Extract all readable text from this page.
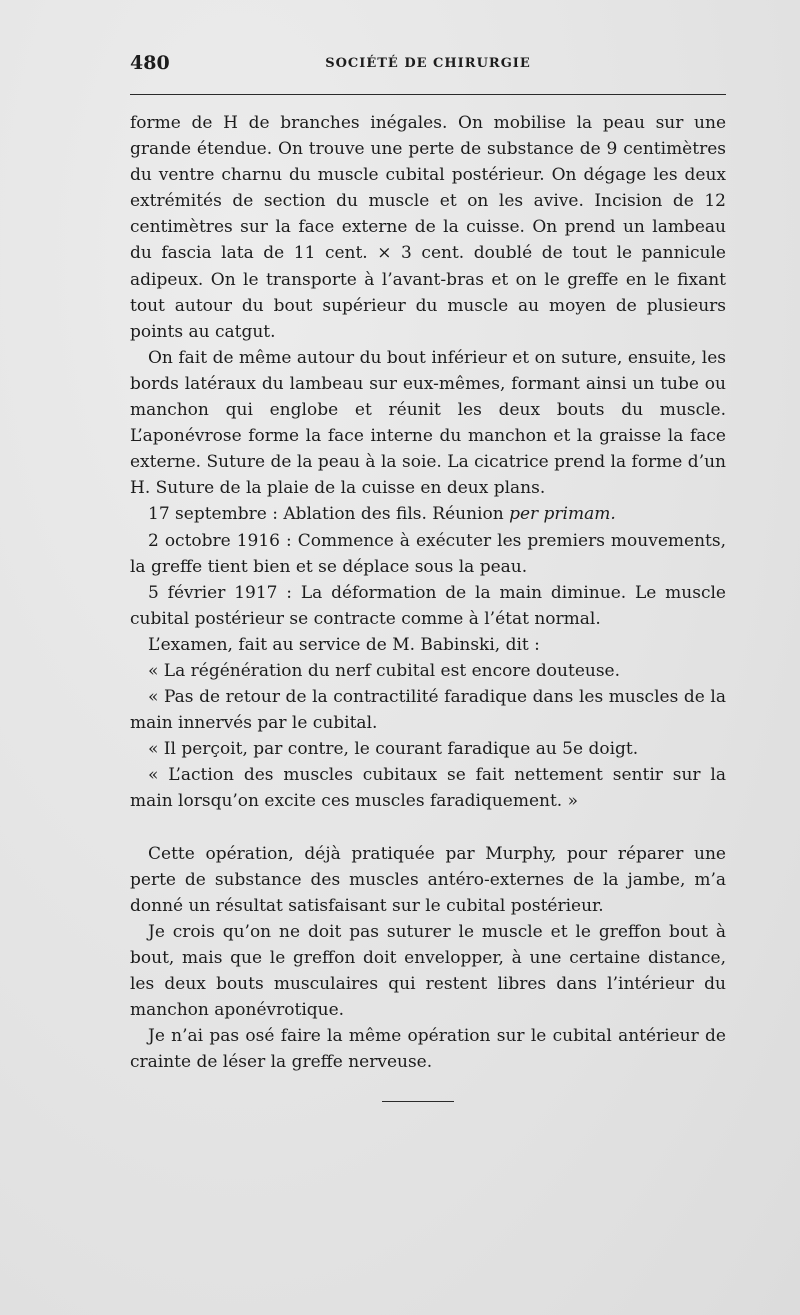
480	SOCIÉTÉ DE CHIRURGIE

forme de H de branches inégales. On mobilise la peau sur une grande étendue. On trouve une perte de substance de 9 centimètres du ventre charnu du muscle cubital postérieur. On dégage les deux extrémités de section du muscle et on les avive. Incision de 12 centimètres sur la face externe de la cuisse. On prend un lambeau du fascia lata de 11 cent. × 3 cent. doublé de tout le pannicule adipeux. On le transporte à l’avant-bras et on le greffe en le fixant tout autour du bout supérieur du muscle au moyen de plusieurs points au catgut.

On fait de même autour du bout inférieur et on suture, ensuite, les bords latéraux du lambeau sur eux-mêmes, formant ainsi un tube ou manchon qui englobe et réunit les deux bouts du muscle. L’aponévrose forme la face interne du manchon et la graisse la face externe. Suture de la peau à la soie. La cicatrice prend la forme d’un H. Suture de la plaie de la cuisse en deux plans.

17 septembre : Ablation des fils. Réunion per primam.

2 octobre 1916 : Commence à exécuter les premiers mouvements, la greffe tient bien et se déplace sous la peau.

5 février 1917 : La déformation de la main diminue. Le muscle cubital postérieur se contracte comme à l’état normal.

L’examen, fait au service de M. Babinski, dit :

« La régénération du nerf cubital est encore douteuse.

« Pas de retour de la contractilité faradique dans les muscles de la main innervés par le cubital.

« Il perçoit, par contre, le courant faradique au 5e doigt.

« L’action des muscles cubitaux se fait nettement sentir sur la main lorsqu’on excite ces muscles faradiquement. »

Cette opération, déjà pratiquée par Murphy, pour réparer une perte de substance des muscles antéro-externes de la jambe, m’a donné un résultat satisfaisant sur le cubital postérieur.

Je crois qu’on ne doit pas suturer le muscle et le greffon bout à bout, mais que le greffon doit envelopper, à une certaine distance, les deux bouts musculaires qui restent libres dans l’intérieur du manchon aponévrotique.

Je n’ai pas osé faire la même opération sur le cubital antérieur de crainte de léser la greffe nerveuse.
